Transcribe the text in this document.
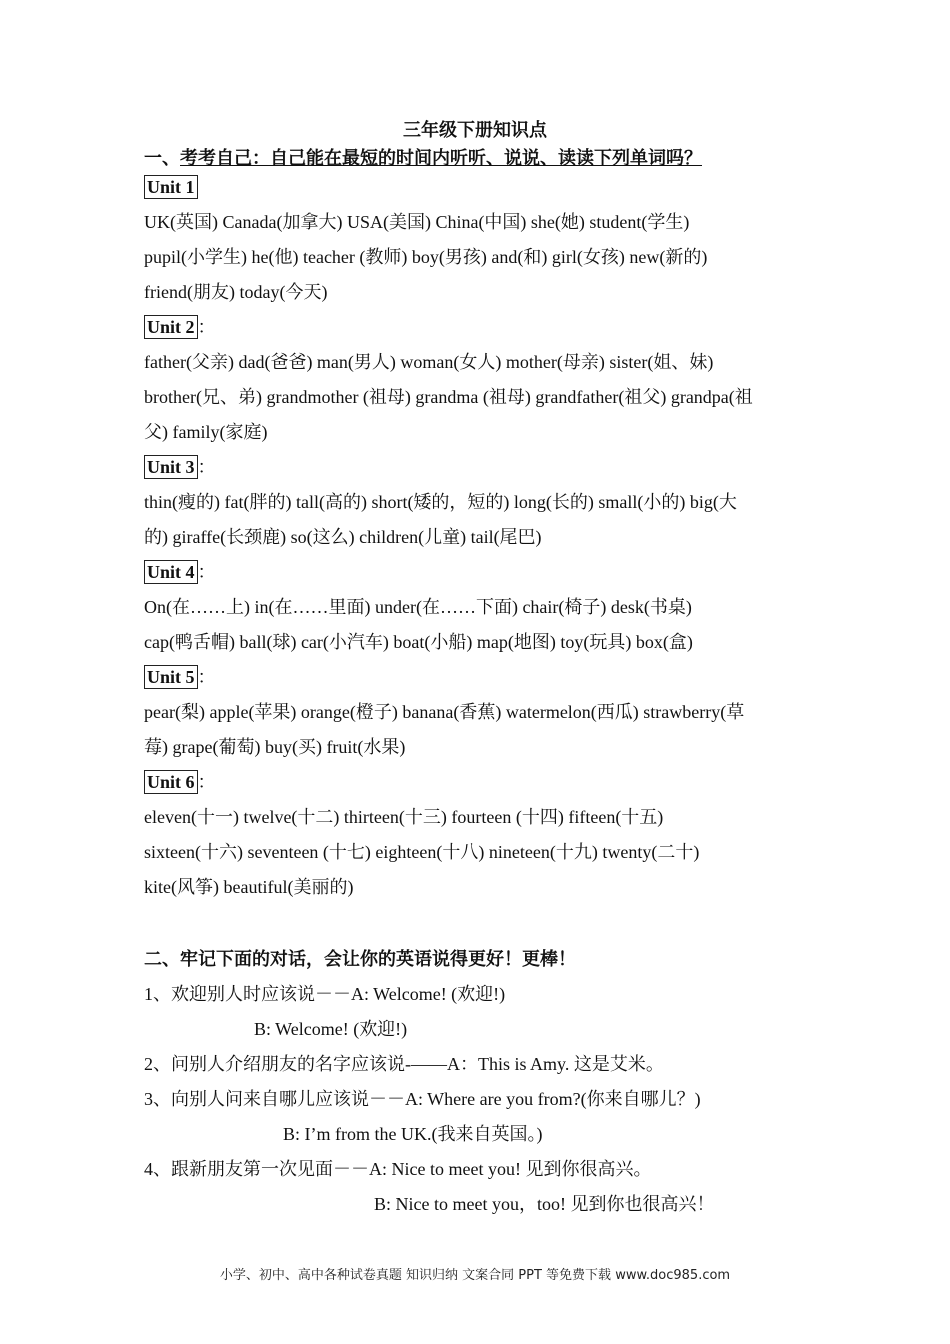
三年级下册知识点
一、考考自己：自己能在最短的时间内听听、说说、读读下列单词吗？
Unit 1
UK(英国) Canada(加拿大) USA(美国) China(中国) she(她) student(学生)
pupil(小学生) he(他) teacher (教师) boy(男孩) and(和) girl(女孩) new(新的)
friend(朋友) today(今天)
Unit 2 ：
father(父亲) dad(爸爸) man(男人) woman(女人) mother(母亲) sister(姐、妹)
brother(兄、弟) grandmother (祖母) grandma (祖母) grandfather(祖父) grandpa(祖
父) family(家庭)
Unit 3 ：
thin(瘦的) fat(胖的) tall(高的) short(矮的，短的) long(长的) small(小的) big(大
的) giraffe(长颈鹿) so(这么) children(儿童) tail(尾巴)
Unit 4 ：
On(在……上) in(在……里面) under(在……下面) chair(椅子) desk(书桌)
cap(鸭舌帽) ball(球) car(小汽车) boat(小船) map(地图) toy(玩具) box(盒)
Unit 5 ：
pear(梨) apple(苹果) orange(橙子) banana(香蕉) watermelon(西瓜) strawberry(草
莓) grape(葡萄) buy(买) fruit(水果)
Unit 6 ：
eleven(十一) twelve(十二) thirteen(十三) fourteen (十四) fifteen(十五)
sixteen(十六) seventeen (十七) eighteen(十八) nineteen(十九) twenty(二十)
kite(风筝) beautiful(美丽的)
二、牢记下面的对话，会让你的英语说得更好！更棒！
1、欢迎别人时应该说－－A: Welcome! (欢迎!)
B: Welcome! (欢迎!)
2、问别人介绍朋友的名字应该说-——A：This is Amy. 这是艾米。
3、向别人问来自哪儿应该说－－A: Where are you from?(你来自哪儿？)
B: I’m from the UK.(我来自英国。)
4、跟新朋友第一次见面－－A: Nice to meet you! 见到你很高兴。
B: Nice to meet you，too! 见到你也很高兴！
小学、初中、高中各种试卷真题 知识归纳 文案合同 PPT 等免费下载 www.doc985.com
